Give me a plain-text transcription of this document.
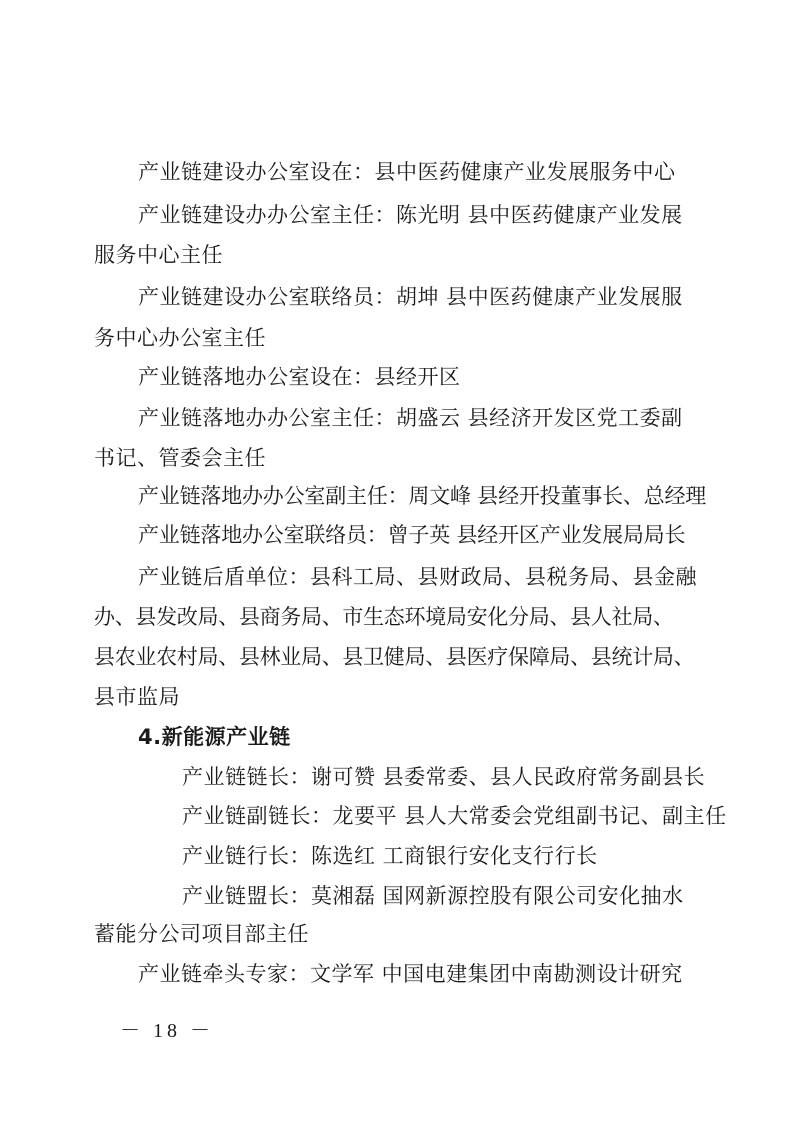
产业链建设办公室设在：县中医药健康产业发展服务中心
产业链建设办办公室主任：陈光明 县中医药健康产业发展
服务中心主任
产业链建设办公室联络员：胡坤 县中医药健康产业发展服
务中心办公室主任
产业链落地办公室设在：县经开区
产业链落地办办公室主任：胡盛云 县经济开发区党工委副
书记、管委会主任
产业链落地办办公室副主任：周文峰 县经开投董事长、总经理
产业链落地办公室联络员：曾子英 县经开区产业发展局局长
产业链后盾单位：县科工局、县财政局、县税务局、县金融
办、县发改局、县商务局、市生态环境局安化分局、县人社局、
县农业农村局、县林业局、县卫健局、县医疗保障局、县统计局、
县市监局
4.新能源产业链
产业链链长：谢可赞 县委常委、县人民政府常务副县长
产业链副链长：龙要平 县人大常委会党组副书记、副主任
产业链行长：陈选红 工商银行安化支行行长
产业链盟长：莫湘磊 国网新源控股有限公司安化抽水
蓄能分公司项目部主任
产业链牵头专家：文学军 中国电建集团中南勘测设计研究
－ 18 －
